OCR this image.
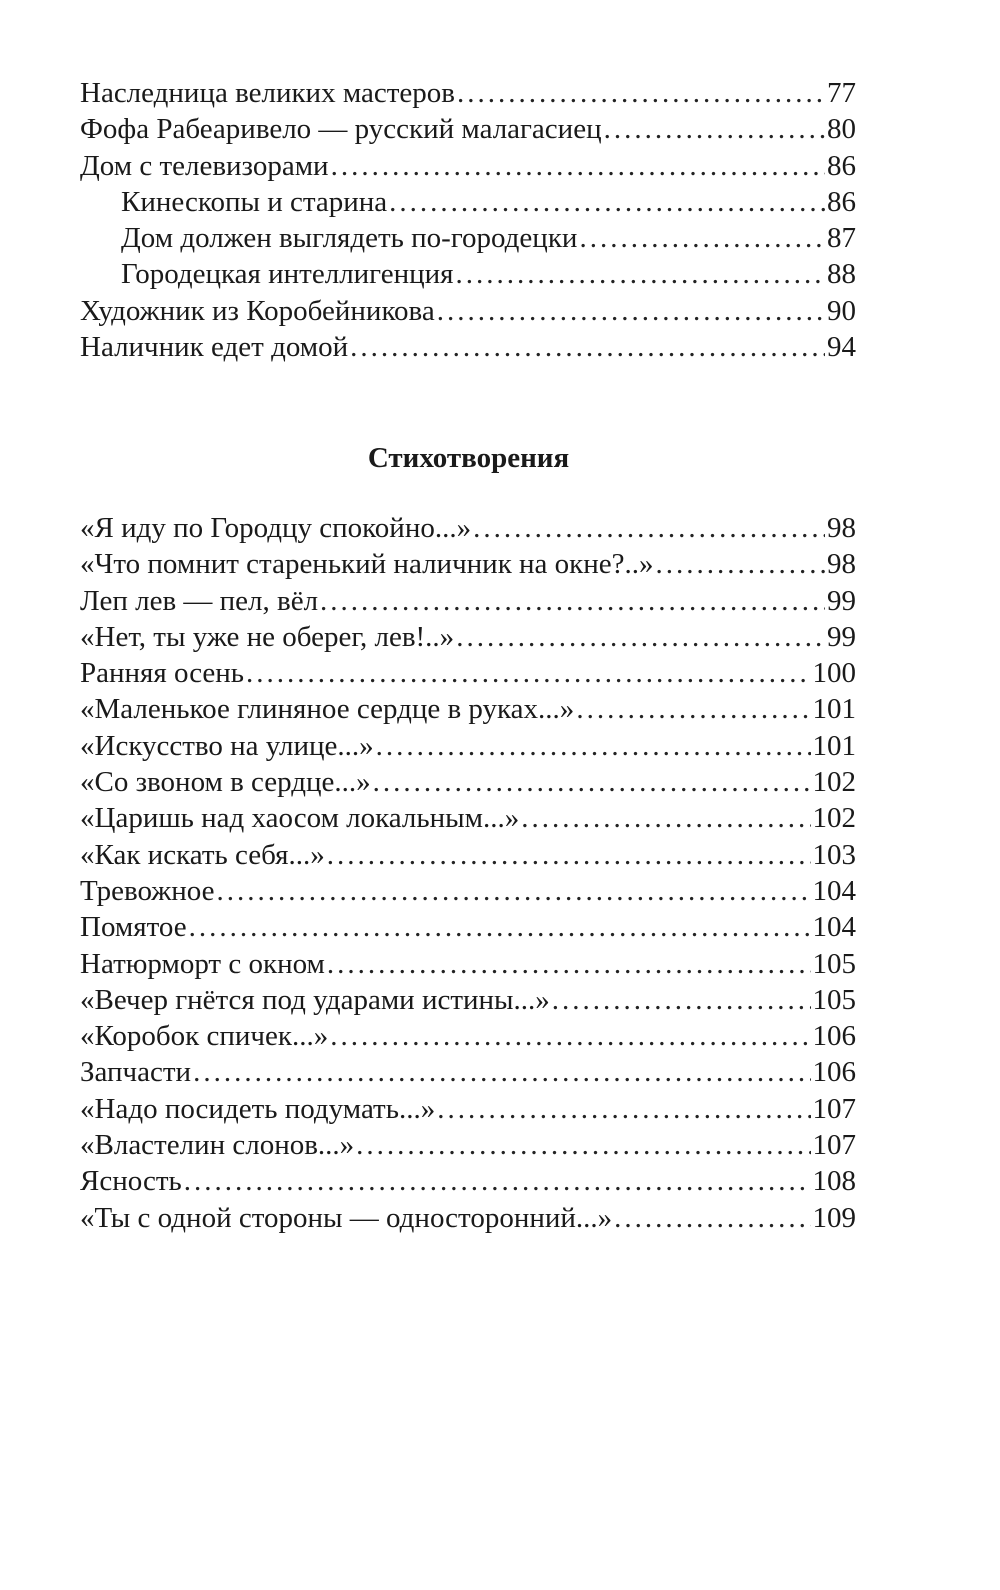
Наследница великих мастеров .....	77
Фофа Рабеаривело — русский малагасиец .....	80
Дом с телевизорами .....	86
Кинескопы и старина .....	86
Дом должен выглядеть по-городецки .....	87
Городецкая интеллигенция .....	88
Художник из Коробейникова .....	90
Наличник едет домой .....	94
Стихотворения
«Я иду по Городцу спокойно...» .....	98
«Что помнит старенький наличник на окне?..» .....	98
Леп лев — пел, вёл .....	99
«Нет, ты уже не оберег, лев!..» .....	99
Ранняя осень .....	100
«Маленькое глиняное сердце в руках...» .....	101
«Искусство на улице...» .....	101
«Со звоном в сердце...» .....	102
«Царишь над хаосом локальным...» .....	102
«Как искать себя...» .....	103
Тревожное .....	104
Помятое .....	104
Натюрморт с окном .....	105
«Вечер гнётся под ударами истины...» .....	105
«Коробок спичек...» .....	106
Запчасти .....	106
«Надо посидеть подумать...» .....	107
«Властелин слонов...» .....	107
Ясность .....	108
«Ты с одной стороны — односторонний...» .....	109
